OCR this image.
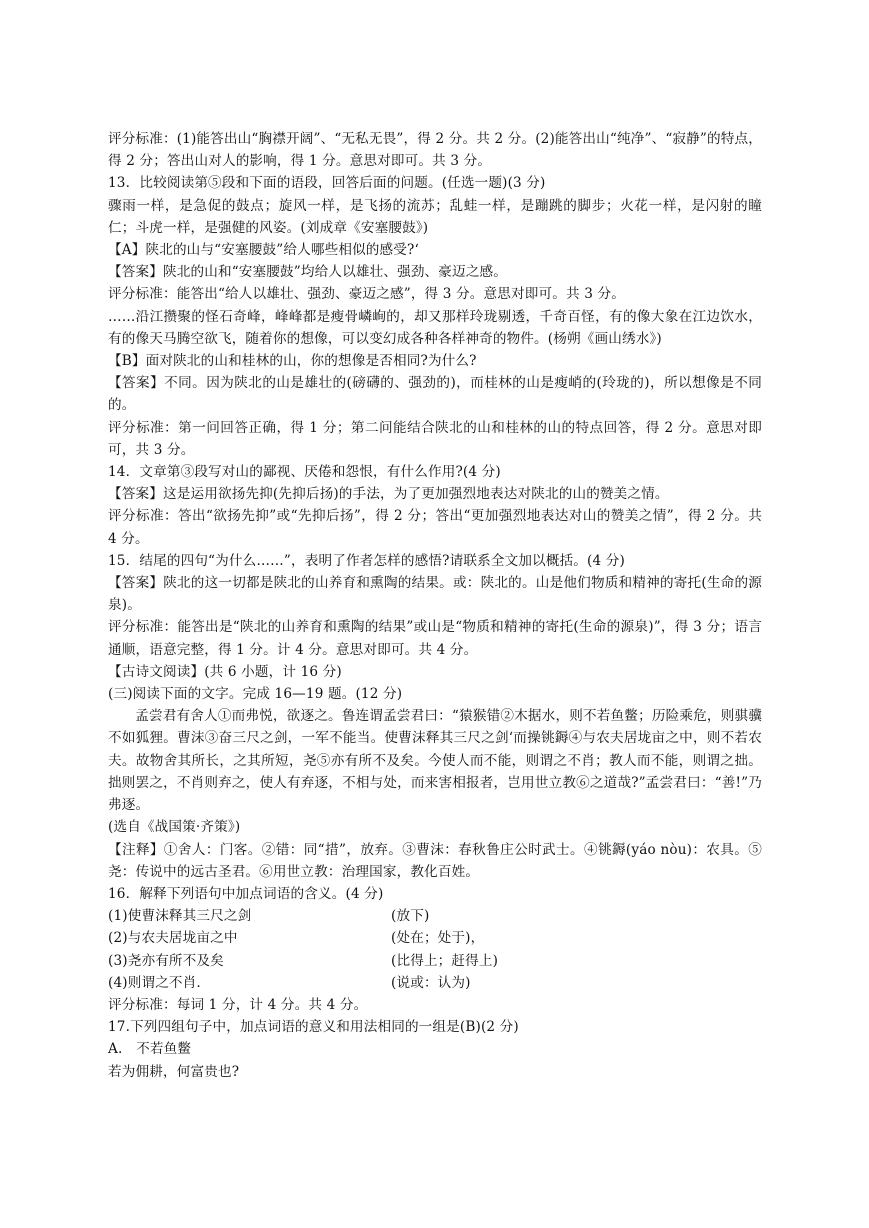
评分标准：(1)能答出山“胸襟开阔”、“无私无畏”，得 2 分。共 2 分。(2)能答出山“纯净”、“寂静”的特点，得 2 分；答出山对人的影响，得 1 分。意思对即可。共 3 分。

13．比较阅读第⑤段和下面的语段，回答后面的问题。(任选一题)(3 分)

骤雨一样，是急促的鼓点；旋风一样，是飞扬的流苏；乱蛙一样，是蹦跳的脚步；火花一样，是闪射的瞳仁；斗虎一样，是强健的风姿。(刘成章《安塞腰鼓》)

【A】陕北的山与“安塞腰鼓”给人哪些相似的感受?‘

【答案】陕北的山和“安塞腰鼓”均给人以雄壮、强劲、豪迈之感。

评分标准：能答出“给人以雄壮、强劲、豪迈之感”，得 3 分。意思对即可。共 3 分。

……沿江攒聚的怪石奇峰，峰峰都是瘦骨嶙峋的，却又那样玲珑剔透，千奇百怪，有的像大象在江边饮水，有的像天马腾空欲飞，随着你的想像，可以变幻成各种各样神奇的物件。(杨朔《画山绣水》)

【B】面对陕北的山和桂林的山，你的想像是否相同?为什么?

【答案】不同。因为陕北的山是雄壮的(磅礴的、强劲的)，而桂林的山是瘦峭的(玲珑的)，所以想像是不同的。

评分标准：第一问回答正确，得 1 分；第二问能结合陕北的山和桂林的山的特点回答，得 2 分。意思对即可，共 3 分。

14．文章第③段写对山的鄙视、厌倦和怨恨，有什么作用?(4 分)

【答案】这是运用欲扬先抑(先抑后扬)的手法，为了更加强烈地表达对陕北的山的赞美之情。

评分标准：答出“欲扬先抑”或“先抑后扬”，得 2 分；答出“更加强烈地表达对山的赞美之情”，得 2 分。共 4 分。

15．结尾的四句“为什么……”，表明了作者怎样的感悟?请联系全文加以概括。(4 分)

【答案】陕北的这一切都是陕北的山养育和熏陶的结果。或：陕北的。山是他们物质和精神的寄托(生命的源泉)。

评分标准：能答出是“陕北的山养育和熏陶的结果”或山是“物质和精神的寄托(生命的源泉)”，得 3 分；语言通顺，语意完整，得 1 分。计 4 分。意思对即可。共 4 分。

【古诗文阅读】(共 6 小题，计 16 分)

(三)阅读下面的文字。完成 16—19 题。(12 分)

孟尝君有舍人①而弗悦，欲逐之。鲁连谓孟尝君曰：“猿猴错②木据水，则不若鱼鳖；历险乘危，则骐骥不如狐狸。曹沫③奋三尺之剑，一军不能当。使曹沫释其三尺之剑‘而操铫鎒④与农夫居垅亩之中，则不若农夫。故物舍其所长，之其所短，尧⑤亦有所不及矣。今使人而不能，则谓之不肖；教人而不能，则谓之拙。拙则罢之，不肖则弃之，使人有弃逐，不相与处，而来害相报者，岂用世立教⑥之道哉?”孟尝君曰：“善!”乃弗逐。

(选自《战国策·齐策》)

【注释】①舍人：门客。②错：同“措”，放弃。③曹沫：春秋鲁庄公时武士。④铫鎒(yáo nòu)：农具。⑤尧：传说中的远古圣君。⑥用世立教：治理国家，教化百姓。

16．解释下列语句中加点词语的含义。(4 分)

(1)使曹沫释其三尺之剑	(放下)
(2)与农夫居垅亩之中	(处在；处于)，
(3)尧亦有所不及矣	(比得上；赶得上)
(4)则谓之不肖.	(说或：认为)

评分标准：每词 1 分，计 4 分。共 4 分。

17.下列四组句子中，加点词语的意义和用法相同的一组是(B)(2 分)

A.　不若鱼鳖

若为佣耕，何富贵也?
